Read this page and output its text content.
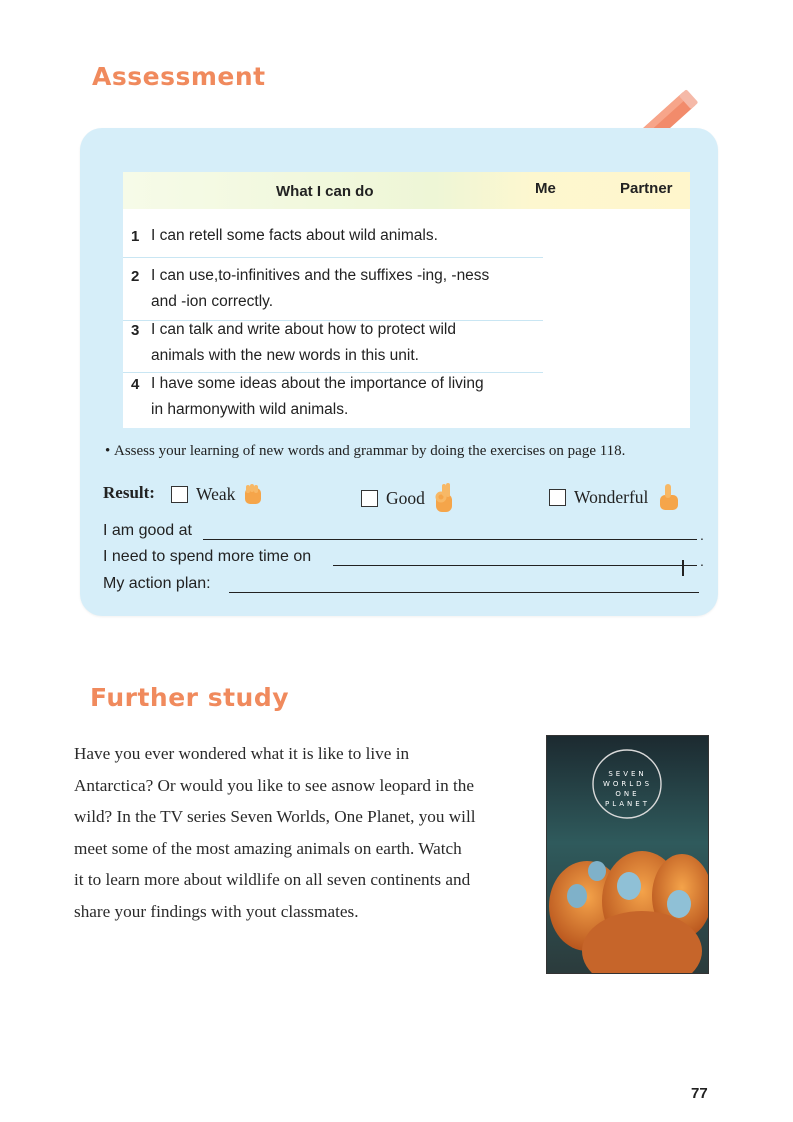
Assessment
What I can do	Me	Partner
1 I can retell some facts about wild animals.
2 I can use,to-infinitives and the suffixes -ing, -ness
and -ion correctly.
3 I can talk and write about how to protect wild
animals with the new words in this unit.
4 I have some ideas about the importance of living
in harmonywith wild animals.
• Assess your learning of new words and grammar by doing the exercises on page 118.
Result: Weak	Good	Wonderful
I am good at	.
I need to spend more time on	.
My action plan:
Further study
Have you ever wondered what it is like to live in
Antarctica? Or would you like to see asnow leopard in the
wild? In the TV series Seven Worlds, One Planet, you will
meet some of the most amazing animals on earth. Watch
it to learn more about wildlife on all seven continents and
share your findings with yout classmates.
SEVEN
WORLDS
ONE
PLANET
77
